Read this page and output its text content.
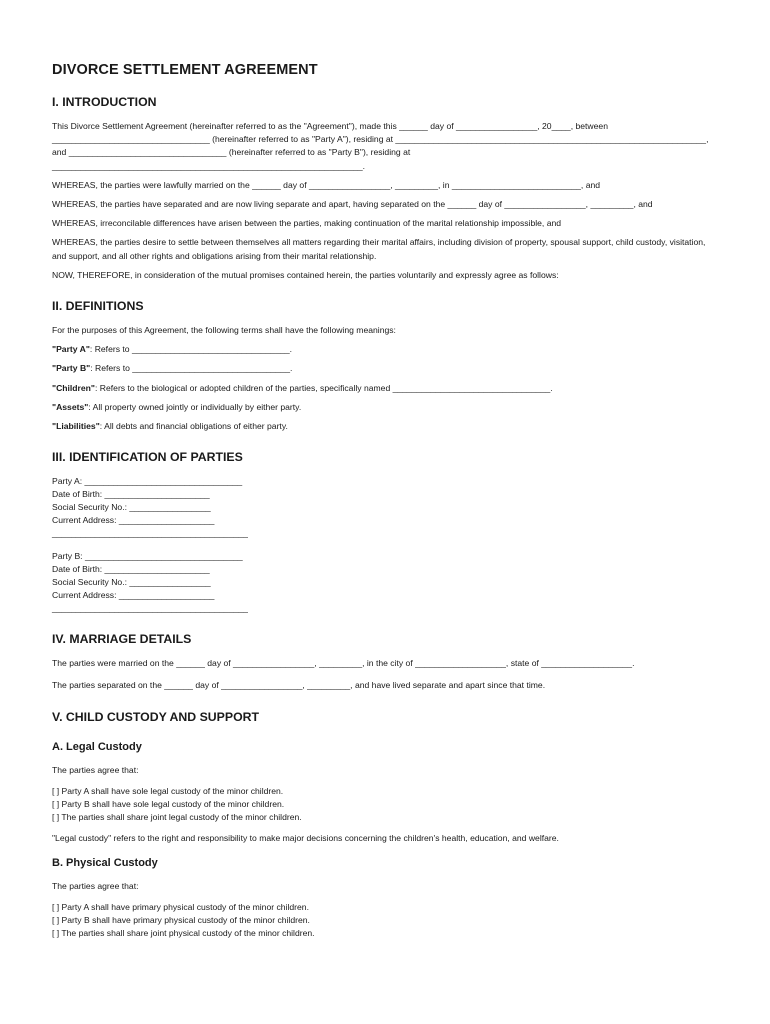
DIVORCE SETTLEMENT AGREEMENT
I. INTRODUCTION
This Divorce Settlement Agreement (hereinafter referred to as the "Agreement"), made this ______ day of _________________, 20____, between _________________________________ (hereinafter referred to as "Party A"), residing at _________________________________________________________________, and _________________________________ (hereinafter referred to as "Party B"), residing at _________________________________________________________________.
WHEREAS, the parties were lawfully married on the ______ day of _________________, _________, in ___________________________, and
WHEREAS, the parties have separated and are now living separate and apart, having separated on the ______ day of _________________, _________, and
WHEREAS, irreconcilable differences have arisen between the parties, making continuation of the marital relationship impossible, and
WHEREAS, the parties desire to settle between themselves all matters regarding their marital affairs, including division of property, spousal support, child custody, visitation, and support, and all other rights and obligations arising from their marital relationship.
NOW, THEREFORE, in consideration of the mutual promises contained herein, the parties voluntarily and expressly agree as follows:
II. DEFINITIONS
For the purposes of this Agreement, the following terms shall have the following meanings:
"Party A": Refers to _________________________________.
"Party B": Refers to _________________________________.
"Children": Refers to the biological or adopted children of the parties, specifically named _________________________________.
"Assets": All property owned jointly or individually by either party.
"Liabilities": All debts and financial obligations of either party.
III. IDENTIFICATION OF PARTIES
Party A: _________________________________
Date of Birth: ______________________
Social Security No.: _________________
Current Address: ____________________
_________________________________________
Party B: _________________________________
Date of Birth: ______________________
Social Security No.: _________________
Current Address: ____________________
_________________________________________
IV. MARRIAGE DETAILS
The parties were married on the ______ day of _________________, _________, in the city of ___________________, state of ___________________.
The parties separated on the ______ day of _________________, _________, and have lived separate and apart since that time.
V. CHILD CUSTODY AND SUPPORT
A. Legal Custody
The parties agree that:
[ ] Party A shall have sole legal custody of the minor children.
[ ] Party B shall have sole legal custody of the minor children.
[ ] The parties shall share joint legal custody of the minor children.
"Legal custody" refers to the right and responsibility to make major decisions concerning the children's health, education, and welfare.
B. Physical Custody
The parties agree that:
[ ] Party A shall have primary physical custody of the minor children.
[ ] Party B shall have primary physical custody of the minor children.
[ ] The parties shall share joint physical custody of the minor children.
